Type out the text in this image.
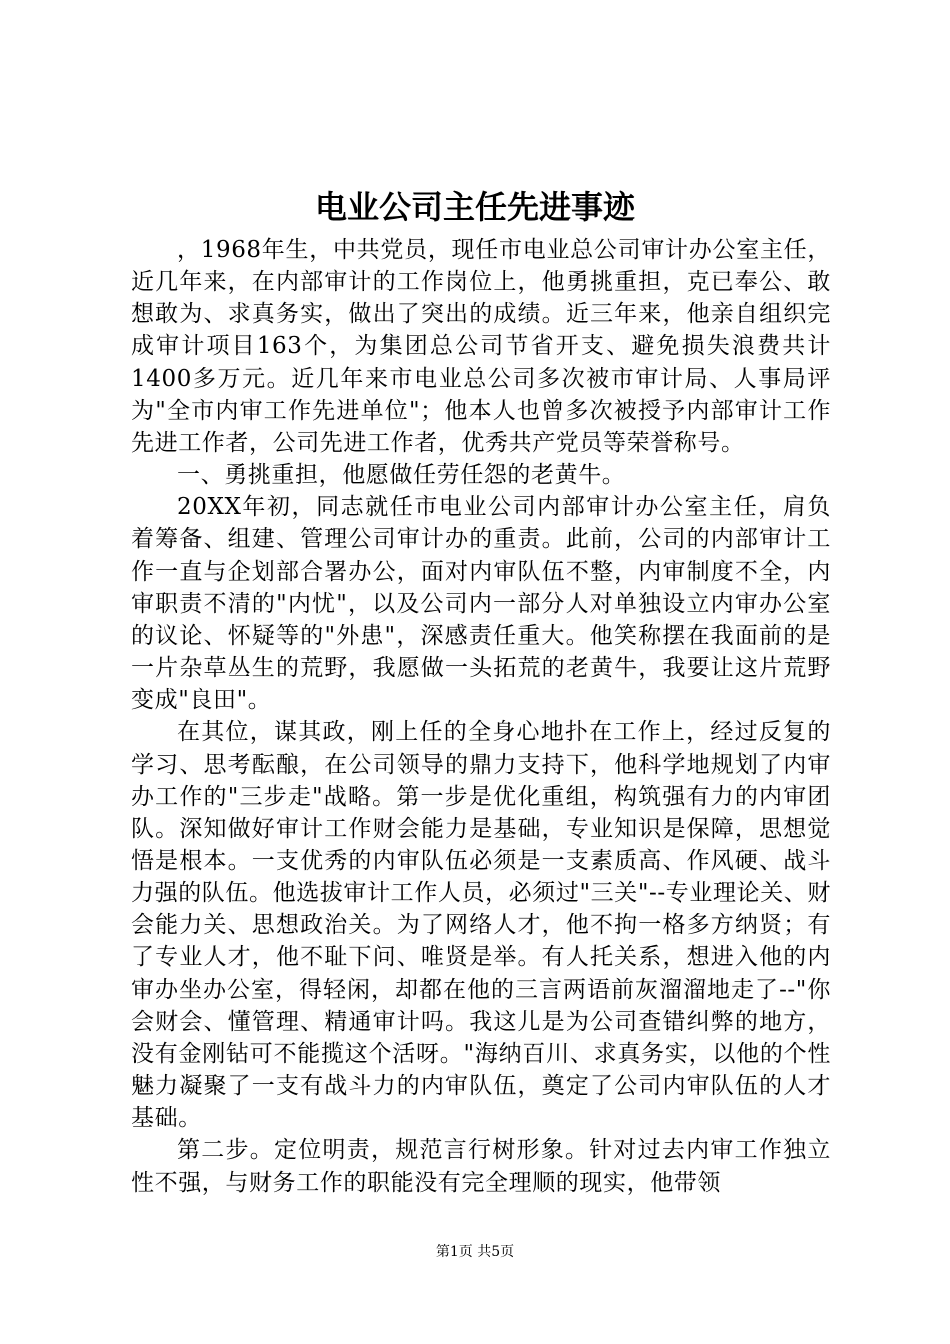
电业公司主任先进事迹

，1968年生，中共党员，现任市电业总公司审计办公室主任，近几年来，在内部审计的工作岗位上，他勇挑重担，克已奉公、敢想敢为、求真务实，做出了突出的成绩。近三年来，他亲自组织完成审计项目163个，为集团总公司节省开支、避免损失浪费共计1400多万元。近几年来市电业总公司多次被市审计局、人事局评为"全市内审工作先进单位"；他本人也曾多次被授予内部审计工作先进工作者，公司先进工作者，优秀共产党员等荣誉称号。

一、勇挑重担，他愿做任劳任怨的老黄牛。

20XX年初，同志就任市电业公司内部审计办公室主任，肩负着筹备、组建、管理公司审计办的重责。此前，公司的内部审计工作一直与企划部合署办公，面对内审队伍不整，内审制度不全，内审职责不清的"内忧"，以及公司内一部分人对单独设立内审办公室的议论、怀疑等的"外患"，深感责任重大。他笑称摆在我面前的是一片杂草丛生的荒野，我愿做一头拓荒的老黄牛，我要让这片荒野变成"良田"。

在其位，谋其政，刚上任的全身心地扑在工作上，经过反复的学习、思考酝酿，在公司领导的鼎力支持下，他科学地规划了内审办工作的"三步走"战略。第一步是优化重组，构筑强有力的内审团队。深知做好审计工作财会能力是基础，专业知识是保障，思想觉悟是根本。一支优秀的内审队伍必须是一支素质高、作风硬、战斗力强的队伍。他选拔审计工作人员，必须过"三关"--专业理论关、财会能力关、思想政治关。为了网络人才，他不拘一格多方纳贤；有了专业人才，他不耻下问、唯贤是举。有人托关系，想进入他的内审办坐办公室，得轻闲，却都在他的三言两语前灰溜溜地走了--"你会财会、懂管理、精通审计吗。我这儿是为公司查错纠弊的地方，没有金刚钻可不能揽这个活呀。"海纳百川、求真务实，以他的个性魅力凝聚了一支有战斗力的内审队伍，奠定了公司内审队伍的人才基础。

第二步。定位明责，规范言行树形象。针对过去内审工作独立性不强，与财务工作的职能没有完全理顺的现实，他带领

第1页 共5页
